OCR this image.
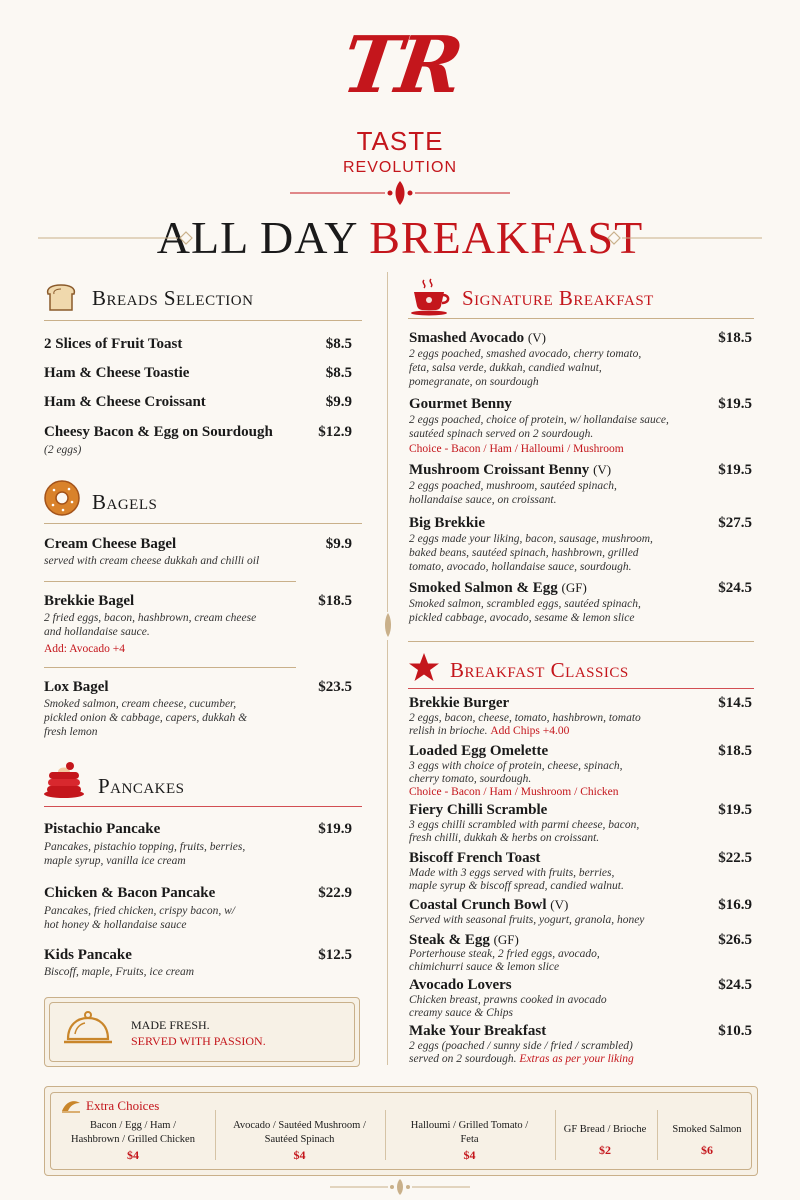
TR
TASTE
REVOLUTION
ALL DAY BREAKFAST
Breads Selection
2 Slices of Fruit Toast	$8.5
Ham & Cheese Toastie	$8.5
Ham & Cheese Croissant	$9.9
Cheesy Bacon & Egg on Sourdough	$12.9
(2 eggs)
Bagels
Cream Cheese Bagel	$9.9
served with cream cheese dukkah and chilli oil
Brekkie Bagel	$18.5
2 fried eggs, bacon, hashbrown, cream cheese
and hollandaise sauce.
Add: Avocado +4
Lox Bagel	$23.5
Smoked salmon, cream cheese, cucumber,
pickled onion & cabbage, capers, dukkah &
fresh lemon
Pancakes
Pistachio Pancake	$19.9
Pancakes, pistachio topping, fruits, berries,
maple syrup, vanilla ice cream
Chicken & Bacon Pancake	$22.9
Pancakes, fried chicken, crispy bacon, w/
hot honey & hollandaise sauce
Kids Pancake	$12.5
Biscoff, maple, Fruits, ice cream
MADE FRESH.
SERVED WITH PASSION.
Signature Breakfast
Smashed Avocado (V)	$18.5
2 eggs poached, smashed avocado, cherry tomato,
feta, salsa verde, dukkah, candied walnut,
pomegranate, on sourdough
Gourmet Benny	$19.5
2 eggs poached, choice of protein, w/ hollandaise sauce,
sautéed spinach served on 2 sourdough.
Choice - Bacon / Ham / Halloumi / Mushroom
Mushroom Croissant Benny (V)	$19.5
2 eggs poached, mushroom, sautéed spinach,
hollandaise sauce, on croissant.
Big Brekkie	$27.5
2 eggs made your liking, bacon, sausage, mushroom,
baked beans, sautéed spinach, hashbrown, grilled
tomato, avocado, hollandaise sauce, sourdough.
Smoked Salmon & Egg (GF)	$24.5
Smoked salmon, scrambled eggs, sautéed spinach,
pickled cabbage, avocado, sesame & lemon slice
Breakfast Classics
Brekkie Burger	$14.5
2 eggs, bacon, cheese, tomato, hashbrown, tomato
relish in brioche. Add Chips +4.00
Loaded Egg Omelette	$18.5
3 eggs with choice of protein, cheese, spinach,
cherry tomato, sourdough.
Choice - Bacon / Ham / Mushroom / Chicken
Fiery Chilli Scramble	$19.5
3 eggs chilli scrambled with parmi cheese, bacon,
fresh chilli, dukkah & herbs on croissant.
Biscoff French Toast	$22.5
Made with 3 eggs served with fruits, berries,
maple syrup & biscoff spread, candied walnut.
Coastal Crunch Bowl (V)	$16.9
Served with seasonal fruits, yogurt, granola, honey
Steak & Egg (GF)	$26.5
Porterhouse steak, 2 fried eggs, avocado,
chimichurri sauce & lemon slice
Avocado Lovers	$24.5
Chicken breast, prawns cooked in avocado
creamy sauce & Chips
Make Your Breakfast	$10.5
2 eggs (poached / sunny side / fried / scrambled)
served on 2 sourdough. Extras as per your liking
Extra Choices
Bacon / Egg / Ham /
Hashbrown / Grilled Chicken
$4
Avocado / Sautéed Mushroom /
Sautéed Spinach
$4
Halloumi / Grilled Tomato /
Feta
$4
GF Bread / Brioche
$2
Smoked Salmon
$6
